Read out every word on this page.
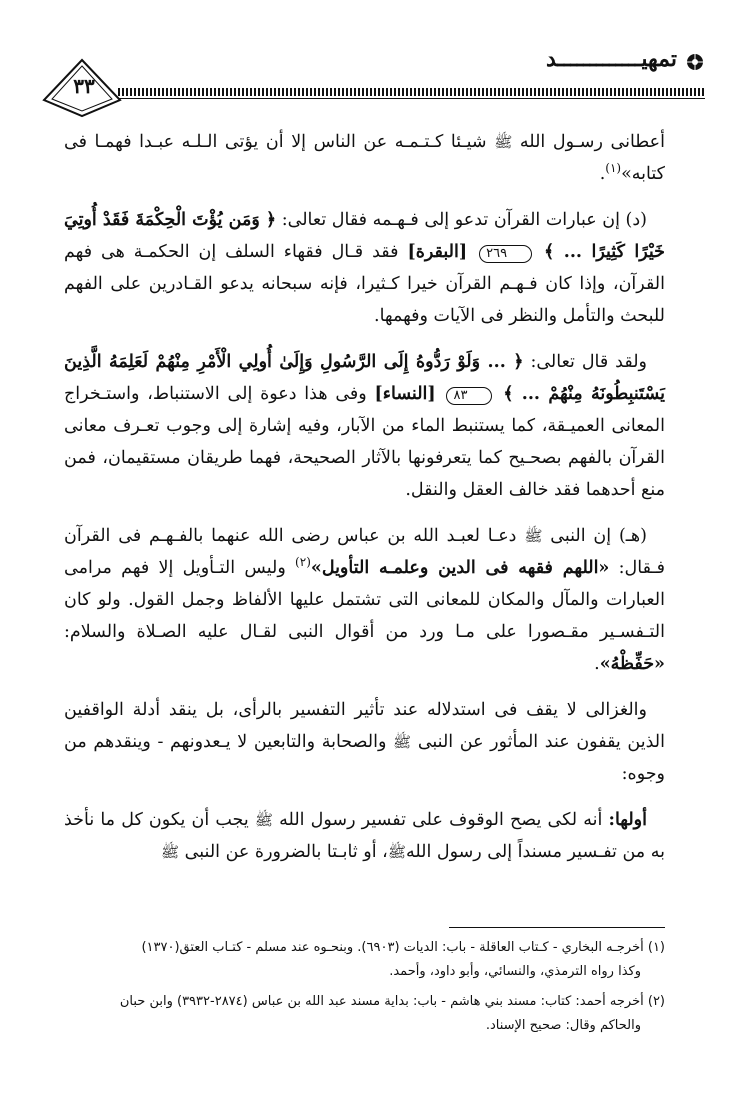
تمهيـــــــــــــد
٣٣

أعطانى رسـول الله ﷺ شيـئا كـتـمـه عن الناس إلا أن يؤتى الـلـه عبـدا فهمـا فى كتابه»$^{(١)}$.

(د) إن عبارات القرآن تدعو إلى فـهـمه فقال تعالى: ﴿ وَمَن يُؤْتَ الْحِكْمَةَ فَقَدْ أُوتِيَ خَيْرًا كَثِيرًا ... ﴾ ٢٦٩ [البقرة] فقد قـال فقهاء السلف إن الحكمـة هى فهم القرآن، وإذا كان فـهـم القرآن خيرا كـثيرا، فإنه سبحانه يدعو القـادرين على الفهم للبحث والتأمل والنظر فى الآيات وفهمها.

ولقد قال تعالى: ﴿ ... وَلَوْ رَدُّوهُ إِلَى الرَّسُولِ وَإِلَىٰ أُولِي الْأَمْرِ مِنْهُمْ لَعَلِمَهُ الَّذِينَ يَسْتَنبِطُونَهُ مِنْهُمْ ... ﴾ ٨٣ [النساء] وفى هذا دعوة إلى الاستنباط، واستـخراج المعانى العميـقة، كما يستنبط الماء من الآبار، وفيه إشارة إلى وجوب تعـرف معانى القرآن بالفهم بصحـيح كما يتعرفونها بالآثار الصحيحة، فهما طريقان مستقيمان، فمن منع أحدهما فقد خالف العقل والنقل.

(هـ) إن النبى ﷺ دعـا لعبـد الله بن عباس رضى الله عنهما بالفـهـم فى القرآن فـقال: «اللهم فقهه فى الدين وعلمـه التأويل»$^{(٢)}$ وليس التـأويل إلا فهم مرامى العبارات والمآل والمكان للمعانى التى تشتمل عليها الألفاظ وجمل القول. ولو كان التـفسـير مقـصورا على مـا ورد من أقوال النبى لقـال عليه الصـلاة والسلام: «حَفِّظْهُ».

والغزالى لا يقف فى استدلاله عند تأثير التفسير بالرأى، بل ينقد أدلة الواقفين الذين يقفون عند المأثور عن النبى ﷺ والصحابة والتابعين لا يـعدونهم - وينقدهم من وجوه:

أولها: أنه لكى يصح الوقوف على تفسير رسول الله ﷺ يجب أن يكون كل ما نأخذ به من تفـسير مسنداً إلى رسول اللهﷺ، أو ثابـتا بالضرورة عن النبى ﷺ

(١) أخرجـه البخاري - كـتاب العاقلة - باب: الديات (٦٩٠٣). وبنحـوه عند مسلم - كتـاب العتق(١٣٧٠)
وكذا رواه الترمذي، والنسائي، وأبو داود، وأحمد.

(٢) أخرجه أحمد: كتاب: مسند بني هاشم - باب: بداية مسند عبد الله بن عباس (٢٨٧٤-٣٩٣٢) وابن حبان
والحاكم وقال: صحيح الإسناد.
